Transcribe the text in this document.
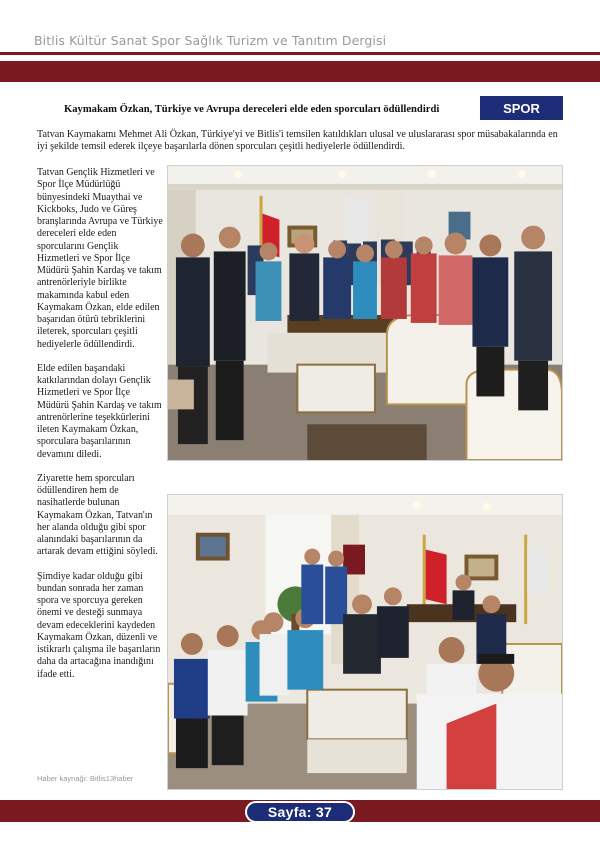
Bitlis Kültür Sanat Spor Sağlık Turizm ve Tanıtım Dergisi
Kaymakam Özkan, Türkiye ve Avrupa dereceleri elde eden sporcuları ödüllendirdi	SPOR

Tatvan Kaymakamı Mehmet Ali Özkan, Türkiye'yi ve Bitlis'i temsilen katıldıkları ulusal ve uluslararası spor müsabakalarında en iyi şekilde temsil ederek ilçeye başarılarla dönen sporcuları çeşitli hediyelerle ödüllendirdi.

Tatvan Gençlik Hizmetleri ve Spor İlçe Müdürlüğü bünyesindeki Muaythai ve Kickboks, Judo ve Güreş branşlarında Avrupa ve Türkiye dereceleri elde eden sporcularını Gençlik Hizmetleri ve Spor İlçe Müdürü Şahin Kardaş ve takım antrenörleriyle birlikte makamında kabul eden Kaymakam Özkan, elde edilen başarıdan ötürü tebriklerini ileterek, sporcuları çeşitli hediyelerle ödüllendirdi.

Elde edilen başarıdaki katkılarından dolayı Gençlik Hizmetleri ve Spor İlçe Müdürü Şahin Kardaş ve takım antrenörlerine teşekkürlerini ileten Kaymakam Özkan, sporculara başarılarının devamını diledi.

Ziyarette hem sporcuları ödüllendiren hem de nasihatlerde bulunan Kaymakam Özkan, Tatvan'ın her alanda olduğu gibi spor alanındaki başarılarının da artarak devam ettiğini söyledi.

Şimdiye kadar olduğu gibi bundan sonrada her zaman spora ve sporcuya gereken önemi ve desteği sunmaya devam edeceklerini kaydeden Kaymakam Özkan, düzenli ve istikrarlı çalışma ile başarıların daha da artacağına inandığını ifade etti.

Haber kaynağı: Bitlis13haber
Sayfa: 37
